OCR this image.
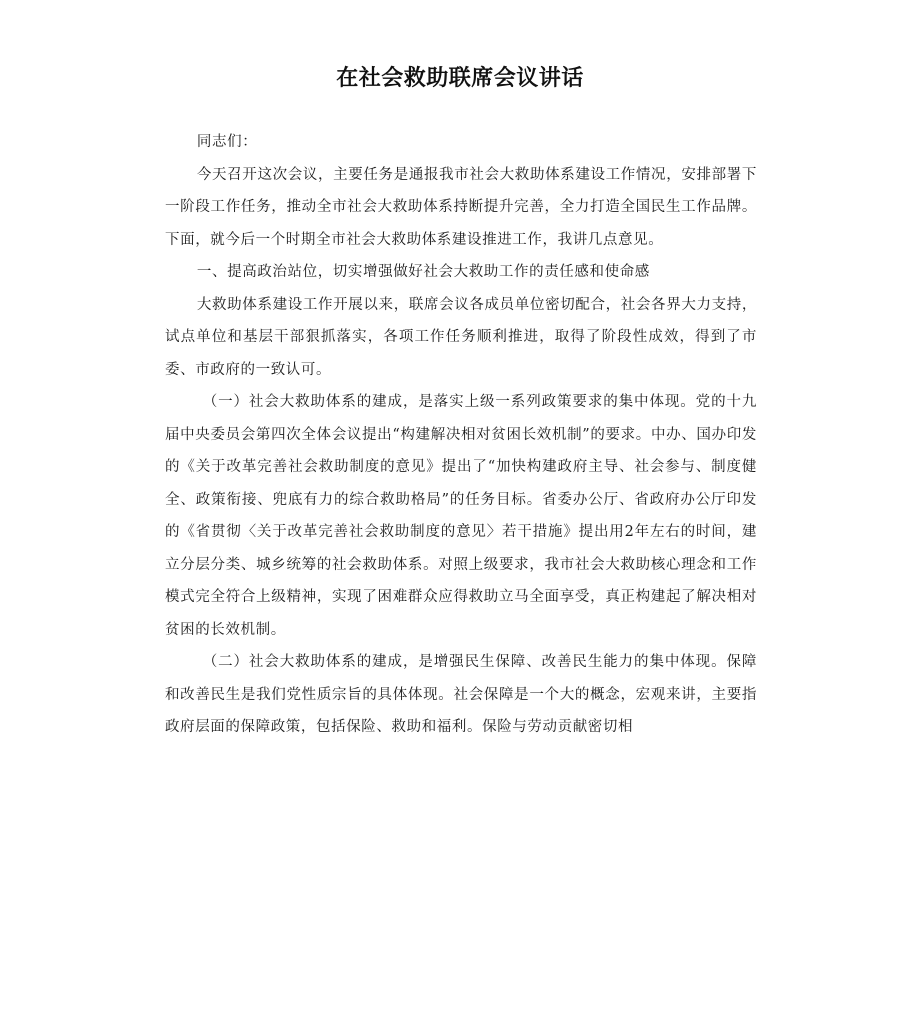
在社会救助联席会议讲话

同志们：

今天召开这次会议，主要任务是通报我市社会大救助体系建设工作情况，安排部署下一阶段工作任务，推动全市社会大救助体系持断提升完善，全力打造全国民生工作品牌。下面，就今后一个时期全市社会大救助体系建设推进工作，我讲几点意见。

一、提高政治站位，切实增强做好社会大救助工作的责任感和使命感

大救助体系建设工作开展以来，联席会议各成员单位密切配合，社会各界大力支持，试点单位和基层干部狠抓落实，各项工作任务顺利推进，取得了阶段性成效，得到了市委、市政府的一致认可。

（一）社会大救助体系的建成，是落实上级一系列政策要求的集中体现。党的十九届中央委员会第四次全体会议提出“构建解决相对贫困长效机制”的要求。中办、国办印发的《关于改革完善社会救助制度的意见》提出了“加快构建政府主导、社会参与、制度健全、政策衔接、兜底有力的综合救助格局”的任务目标。省委办公厅、省政府办公厅印发的《省贯彻〈关于改革完善社会救助制度的意见〉若干措施》提出用2年左右的时间，建立分层分类、城乡统筹的社会救助体系。对照上级要求，我市社会大救助核心理念和工作模式完全符合上级精神，实现了困难群众应得救助立马全面享受，真正构建起了解决相对贫困的长效机制。

（二）社会大救助体系的建成，是增强民生保障、改善民生能力的集中体现。保障和改善民生是我们党性质宗旨的具体体现。社会保障是一个大的概念，宏观来讲，主要指政府层面的保障政策，包括保险、救助和福利。保险与劳动贡献密切相
